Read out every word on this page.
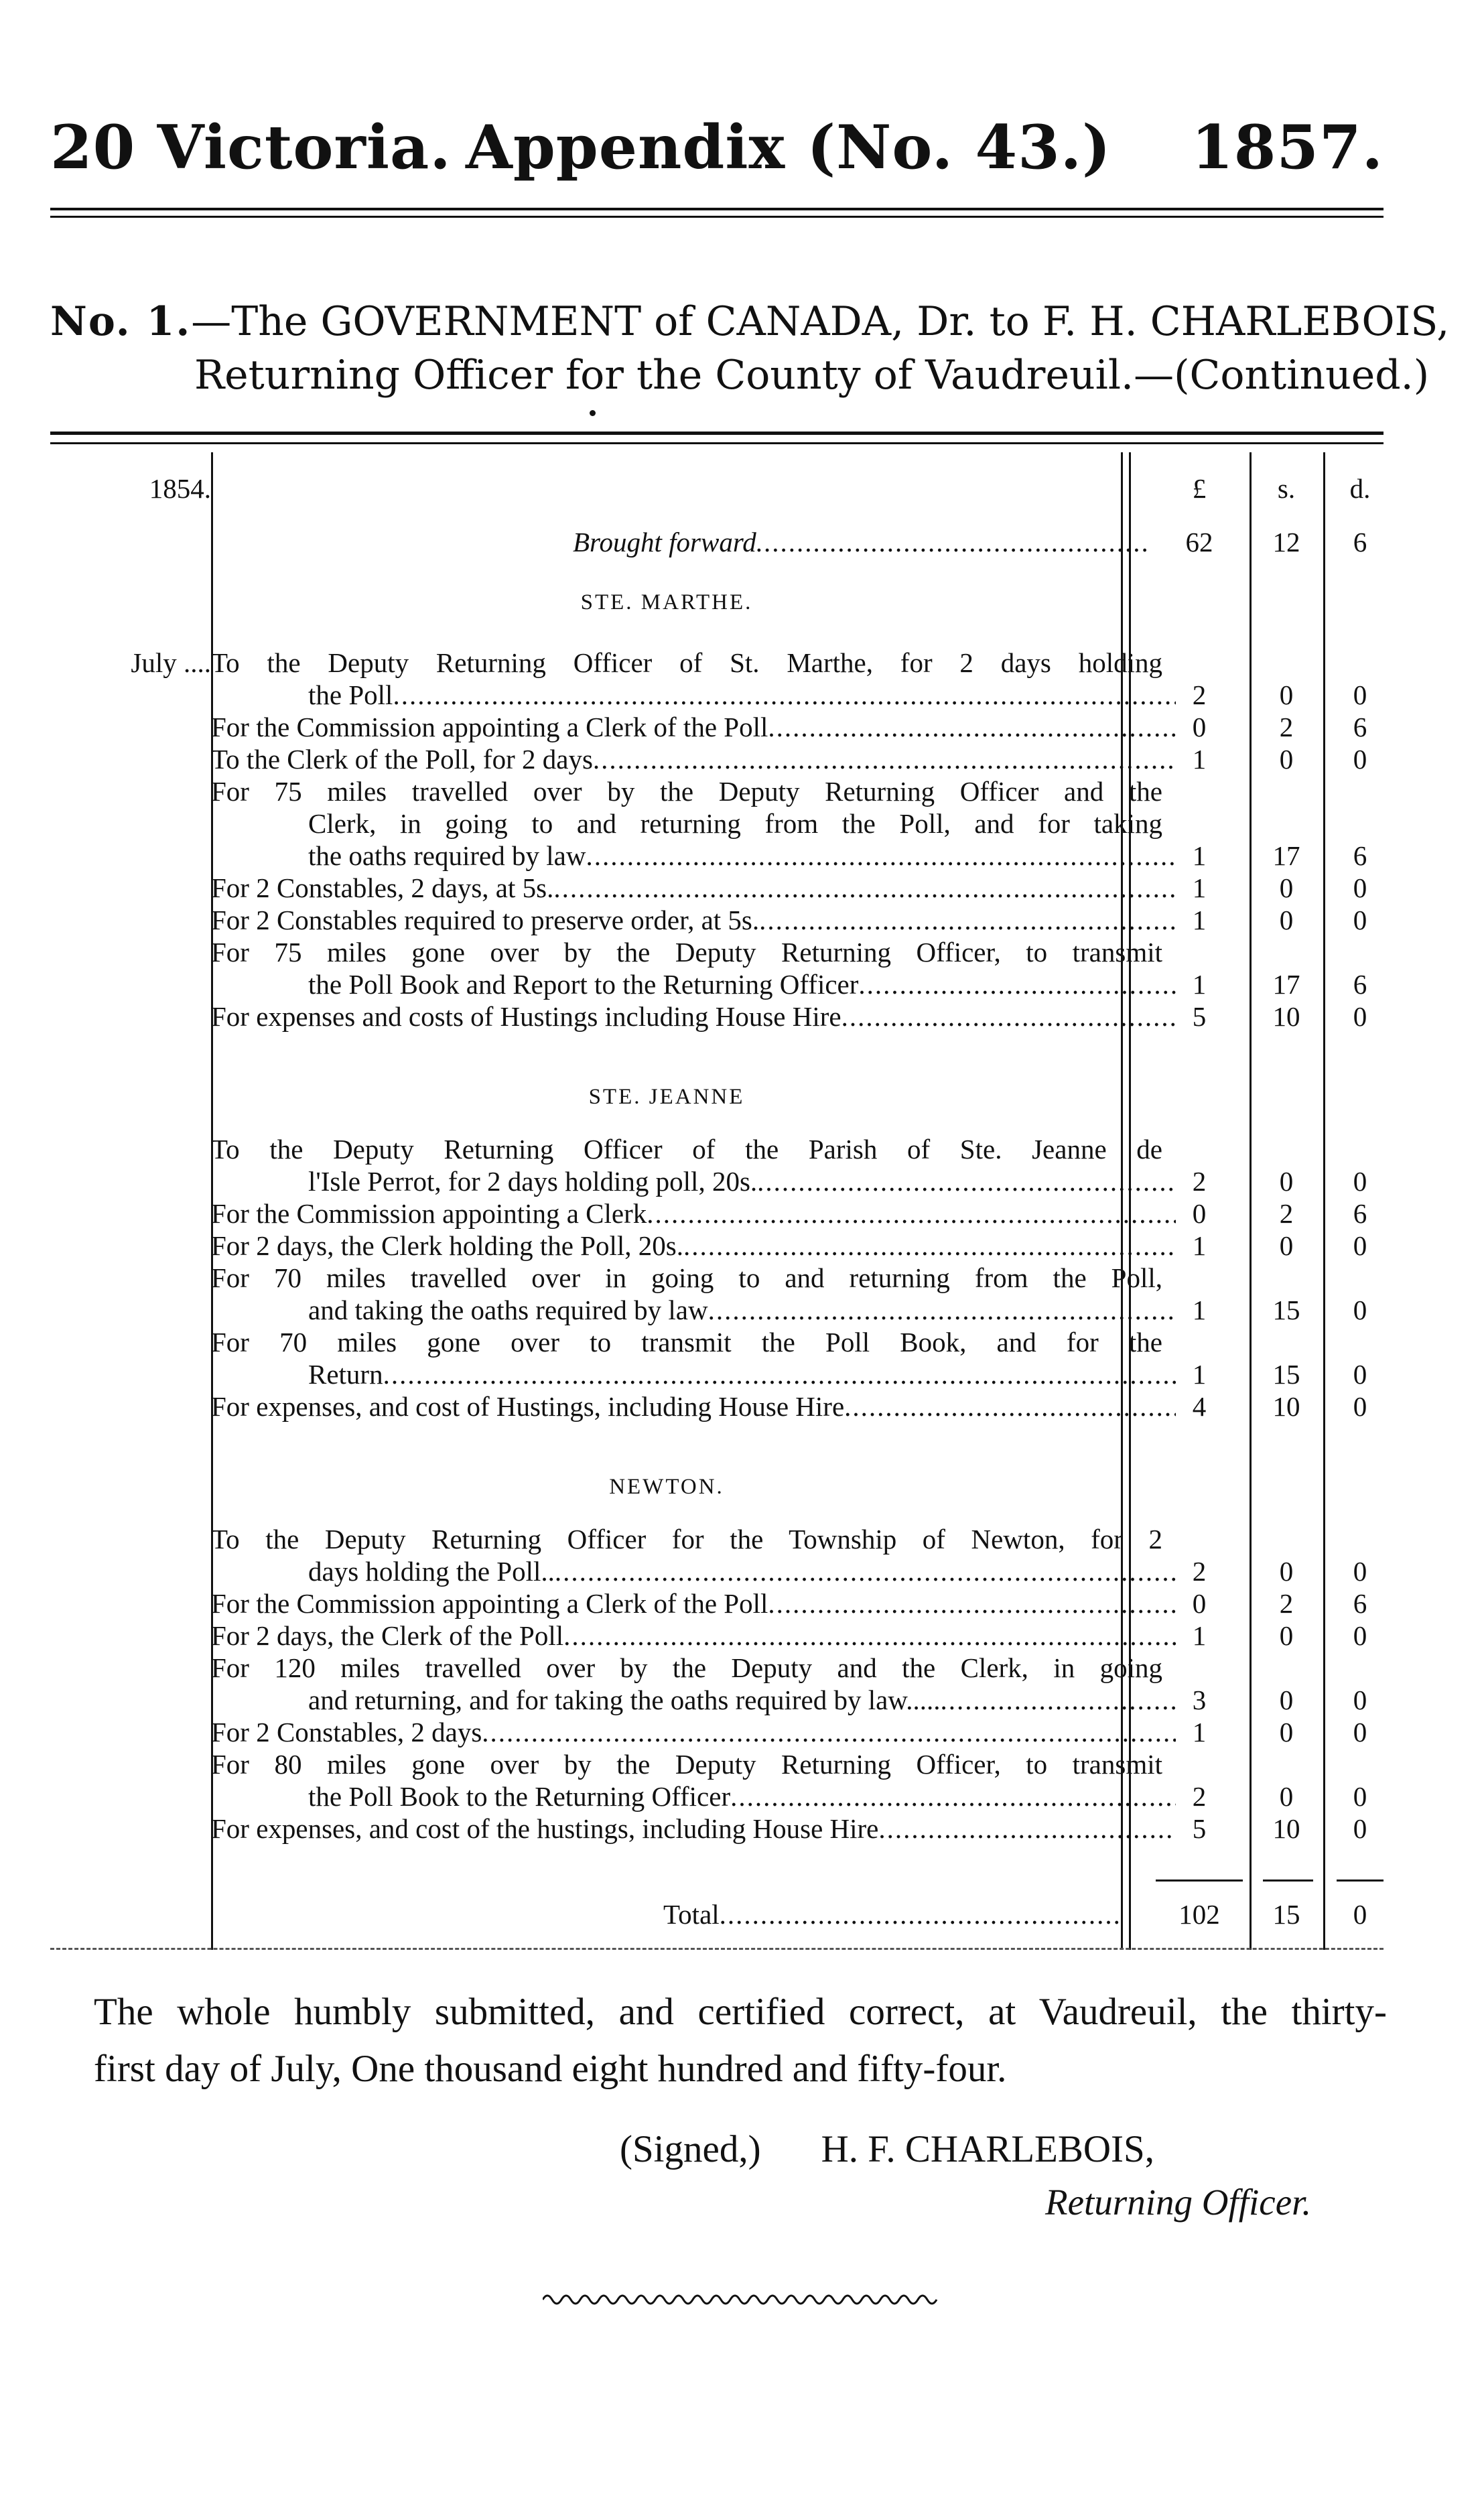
20 Victoria. Appendix (No. 43.) 1857.
No. 1.—The GOVERNMENT of CANADA, Dr. to F. H. CHARLEBOIS,
Returning Officer for the County of Vaudreuil.—(Continued.)
1854.	£	s.	d.
Brought forward .....	62	12	6
STE. MARTHE.
July .... To the Deputy Returning Officer of St. Marthe, for 2 days holding
the Poll .....	2	0	0
For the Commission appointing a Clerk of the Poll .....	0	2	6
To the Clerk of the Poll, for 2 days .....	1	0	0
For 75 miles travelled over by the Deputy Returning Officer and the
Clerk, in going to and returning from the Poll, and for taking
the oaths required by law .....	1	17	6
For 2 Constables, 2 days, at 5s. .....	1	0	0
For 2 Constables required to preserve order, at 5s. .....	1	0	0
For 75 miles gone over by the Deputy Returning Officer, to transmit
the Poll Book and Report to the Returning Officer .....	1	17	6
For expenses and costs of Hustings including House Hire .....	5	10	0
STE. JEANNE
To the Deputy Returning Officer of the Parish of Ste. Jeanne de
l'Isle Perrot, for 2 days holding poll, 20s. .....	2	0	0
For the Commission appointing a Clerk .....	0	2	6
For 2 days, the Clerk holding the Poll, 20s. .....	1	0	0
For 70 miles travelled over in going to and returning from the Poll,
and taking the oaths required by law .....	1	15	0
For 70 miles gone over to transmit the Poll Book, and for the
Return .....	1	15	0
For expenses, and cost of Hustings, including House Hire .....	4	10	0
NEWTON.
To the Deputy Returning Officer for the Township of Newton, for 2
days holding the Poll.. .....	2	0	0
For the Commission appointing a Clerk of the Poll .....	0	2	6
For 2 days, the Clerk of the Poll .....	1	0	0
For 120 miles travelled over by the Deputy and the Clerk, in going
and returning, and for taking the oaths required by law..... .....	3	0	0
For 2 Constables, 2 days .....	1	0	0
For 80 miles gone over by the Deputy Returning Officer, to transmit
the Poll Book to the Returning Officer .....	2	0	0
For expenses, and cost of the hustings, including House Hire .....	5	10	0
Total .....	102	15	0
The whole humbly submitted, and certified correct, at Vaudreuil, the thirty-
first day of July, One thousand eight hundred and fifty-four.
(Signed,) H. F. CHARLEBOIS,
Returning Officer.
